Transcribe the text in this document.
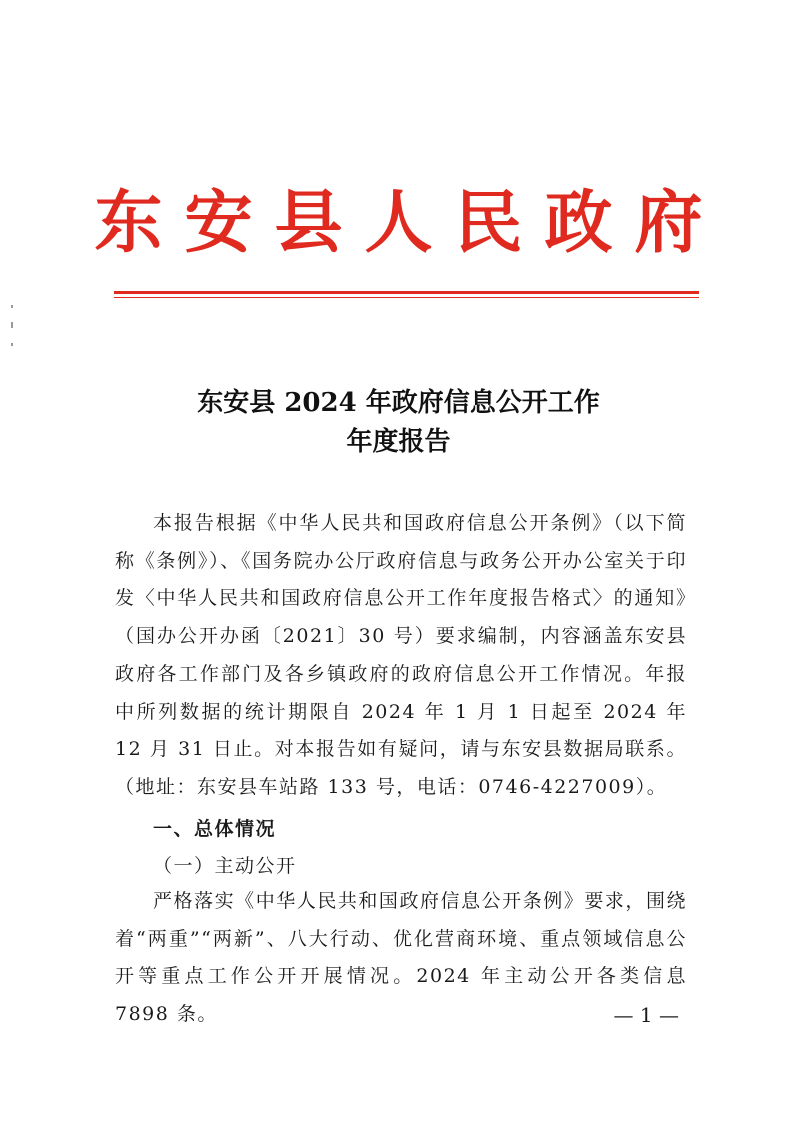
东安县人民政府
东安县 2024 年政府信息公开工作
年度报告
本报告根据《中华人民共和国政府信息公开条例》（以下简称《条例》）、《国务院办公厅政府信息与政务公开办公室关于印发〈中华人民共和国政府信息公开工作年度报告格式〉的通知》（国办公开办函〔2021〕30 号）要求编制，内容涵盖东安县政府各工作部门及各乡镇政府的政府信息公开工作情况。年报中所列数据的统计期限自 2024 年 1 月 1 日起至 2024 年 12 月 31 日止。对本报告如有疑问，请与东安县数据局联系。（地址：东安县车站路 133 号，电话：0746-4227009）。
一、总体情况
（一）主动公开
严格落实《中华人民共和国政府信息公开条例》要求，围绕着“两重”“两新”、八大行动、优化营商环境、重点领域信息公开等重点工作公开开展情况。2024 年主动公开各类信息 7898 条。	— 1 —
